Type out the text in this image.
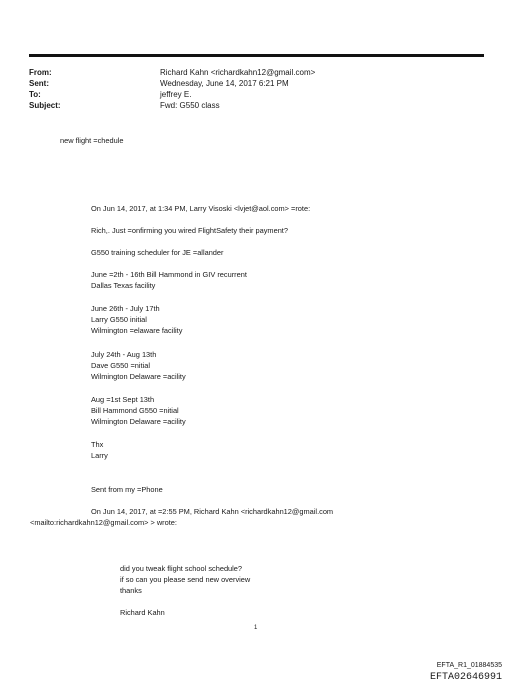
From:	Richard Kahn <richardkahn12@gmail.com>
Sent:	Wednesday, June 14, 2017 6:21 PM
To:	jeffrey E.
Subject:	Fwd: G550 class
new flight =chedule
On Jun 14, 2017, at 1:34 PM, Larry Visoski <lvjet@aol.com> =rote:
Rich,. Just =onfirming you wired FlightSafety their payment?
G550 training scheduler for JE =allander
June =2th - 16th Bill Hammond in GIV recurrent
Dallas Texas facility
June 26th - July 17th
Larry G550 initial
Wilmington =elaware facility
July 24th - Aug 13th
Dave G550 =nitial
Wilmington Delaware =acility
Aug =1st Sept 13th
Bill Hammond G550 =nitial
Wilmington Delaware =acility
Thx
Larry
Sent from my =Phone
On Jun 14, 2017, at =2:55 PM, Richard Kahn <richardkahn12@gmail.com
<mailto:richardkahn12@gmail.com> > wrote:
did you tweak flight school schedule?
if so can you please send new overview
thanks
Richard Kahn
1
EFTA_R1_01884535
EFTA02646991
